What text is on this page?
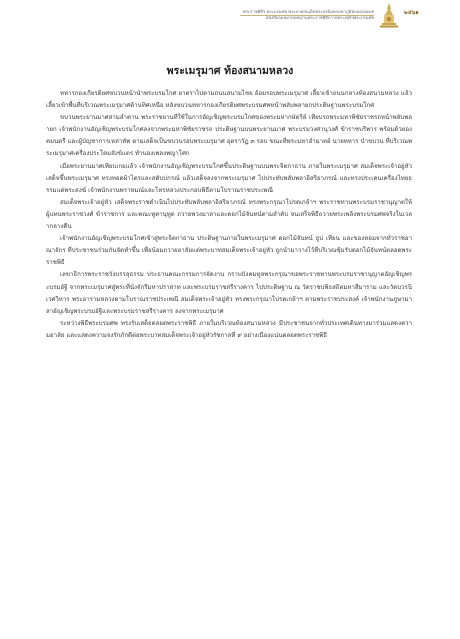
พระราชพิธีฯ พระบรมศพ พระบาทสมเด็จพระปรมินทรมหาภูมิพลอดุลยเดช
หนังสือจดหมายเหตุงานพระราชพิธีถวายพระเพลิงพระบรมศพ
๒๕๖๑
พระเมรุมาศ ท้องสนามหลวง

ทหารกองเกียรติยศขบวนหน้านำพระบรมโกศ ยาตราไปตามถนนสนามไชย อ้อมรอบพระเมรุมาศ เลี้ยวเข้าถนนกลางท้องสนามหลวง แล้วเลี้ยวเข้าพื้นที่บริเวณพระเมรุมาศด้านทิศเหนือ หลังขบวนทหารกองเกียรติยศพระบรมศพหน้าพลับพลายกประดิษฐานพระบรมโกศ

ขบวนพระยานมาศสามลำคาน พระราชยานที่ใช้ในการอัญเชิญพระบรมโกศของพระมหากษัตริย์ เทียบรถพระมหาพิชัยราชรถหน้าพลับพลายก เจ้าพนักงานอัญเชิญพระบรมโกศลงจากพระมหาพิชัยราชรถ ประดิษฐานบนพระยานมาศ พระบรมวงศานุวงศ์ ข้าราชบริพาร พร้อมด้วยองคมนตรี และผู้บัญชาการเหล่าทัพ ตามเสด็จเป็นขบวนรอบพระเมรุมาศ อุตราวัฏ ๓ รอบ ขณะที่พระมหาอำมาตย์ นายทหาร นำขบวน ที่บริเวณพระเมรุมาศเครื่องประโคมสังข์แตร ทำนองเพลงพญาโศก

เมื่อพระยานมาศเทียบเกยแล้ว เจ้าพนักงานอัญเชิญพระบรมโกศขึ้นประดิษฐานบนพระจิตกาธาน ภายในพระเมรุมาศ สมเด็จพระเจ้าอยู่หัว เสด็จขึ้นพระเมรุมาศ ทรงทอดผ้าไตรและสดับปกรณ์ แล้วเสด็จลงจากพระเมรุมาศ ไปประทับพลับพลาอิสริยาภรณ์ และทรงประเคนเครื่องไทยธรรมแด่พระสงฆ์ เจ้าพนักงานพราหมณ์และโหรหลวงประกอบพิธีตามโบราณราชประเพณี

สมเด็จพระเจ้าอยู่หัว เสด็จพระราชดำเนินไปประทับพลับพลาอิสริยาภรณ์ ทรงพระกรุณาโปรดเกล้าฯ พระราชทานพระบรมราชานุญาตให้ผู้แทนพระราชวงศ์ ข้าราชการ และคณะทูตานุทูต ถวายพวงมาลาและดอกไม้จันทน์ตามลำดับ จนเสร็จพิธีถวายพระเพลิงพระบรมศพจริงในเวลากลางคืน

เจ้าพนักงานอัญเชิญพระบรมโกศเข้าสู่พระจิตกาธาน ประดิษฐานภายในพระเมรุมาศ ดอกไม้จันทน์ ธูป เทียน และของหอมจากทั่วราชอาณาจักร ที่ประชาชนร่วมกันจัดทำขึ้น เพื่อน้อมถวายอาลัยแด่พระบาทสมเด็จพระเจ้าอยู่หัว ถูกนำมาวางไว้ที่บริเวณซุ้มรับดอกไม้จันทน์ตลอดพระราชพิธี

เลขาธิการพระราชวังบรรลุธรรม ประธานคณะกรรมการจัดงาน กราบบังคมทูลพระกรุณาขอพระราชทานพระบรมราชานุญาตอัญเชิญพระบรมอัฐิ จากพระเมรุมาศสู่พระที่นั่งจักรีมหาปราสาท และพระบรมราชสรีรางคาร ไปประดิษฐาน ณ วัดราชบพิธสถิตมหาสีมาราม และวัดบวรนิเวศวิหาร พระอารามหลวงตามโบราณราชประเพณี สมเด็จพระเจ้าอยู่หัว ทรงพระกรุณาโปรดเกล้าฯ ตามพระราชประสงค์ เจ้าพนักงานภูษามาลาอัญเชิญพระบรมอัฐิและพระบรมราชสรีรางคาร ลงจากพระเมรุมาศ

ระหว่างพิธีพระบรมศพ ทรงรับเสด็จตลอดพระราชพิธี ภายในบริเวณท้องสนามหลวง มีประชาชนจากทั่วประเทศเดินทางมาร่วมแสดงความอาลัย และแสดงความจงรักภักดีต่อพระบาทสมเด็จพระเจ้าอยู่หัวรัชกาลที่ ๙ อย่างเนืองแน่นตลอดพระราชพิธี
